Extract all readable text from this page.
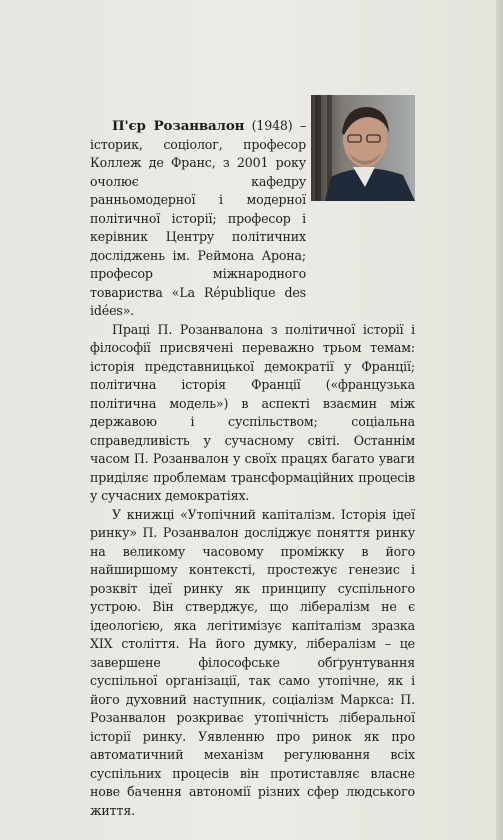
П'єр Розанвалон (1948) – історик, соціолог, професор Коллеж де Франс, з 2001 року очолює кафедру ранньомодерної і модерної політичної історії; професор і керівник Центру політичних досліджень ім. Реймона Арона; професор міжнародного товариства «La République des idées».

Праці П. Розанвалона з політичної історії і філософії присвячені переважно трьом темам: історія представницької демократії у Франції; політична історія Франції («французька політична модель») в аспекті взаємин між державою і суспільством; соціальна справедливість у сучасному світі. Останнім часом П. Розанвалон у своїх працях багато уваги приділяє проблемам трансформаційних процесів у сучасних демократіях.

У книжці «Утопічний капіталізм. Історія ідеї ринку» П. Розанвалон досліджує поняття ринку на великому часовому проміжку в його найширшому контексті, простежує генезис і розквіт ідеї ринку як принципу суспільного устрою. Він стверджує, що лібералізм не є ідеологією, яка легітимізує капіталізм зразка XIX століття. На його думку, лібералізм – це завершене філософське обґрунтування суспільної організації, так само утопічне, як і його духовний наступник, соціалізм Маркса: П. Розанвалон розкриває утопічність ліберальної історії ринку. Уявленню про ринок як про автоматичний механізм регулювання всіх суспільних процесів він протиставляє власне нове бачення автономії різних сфер людського життя.
